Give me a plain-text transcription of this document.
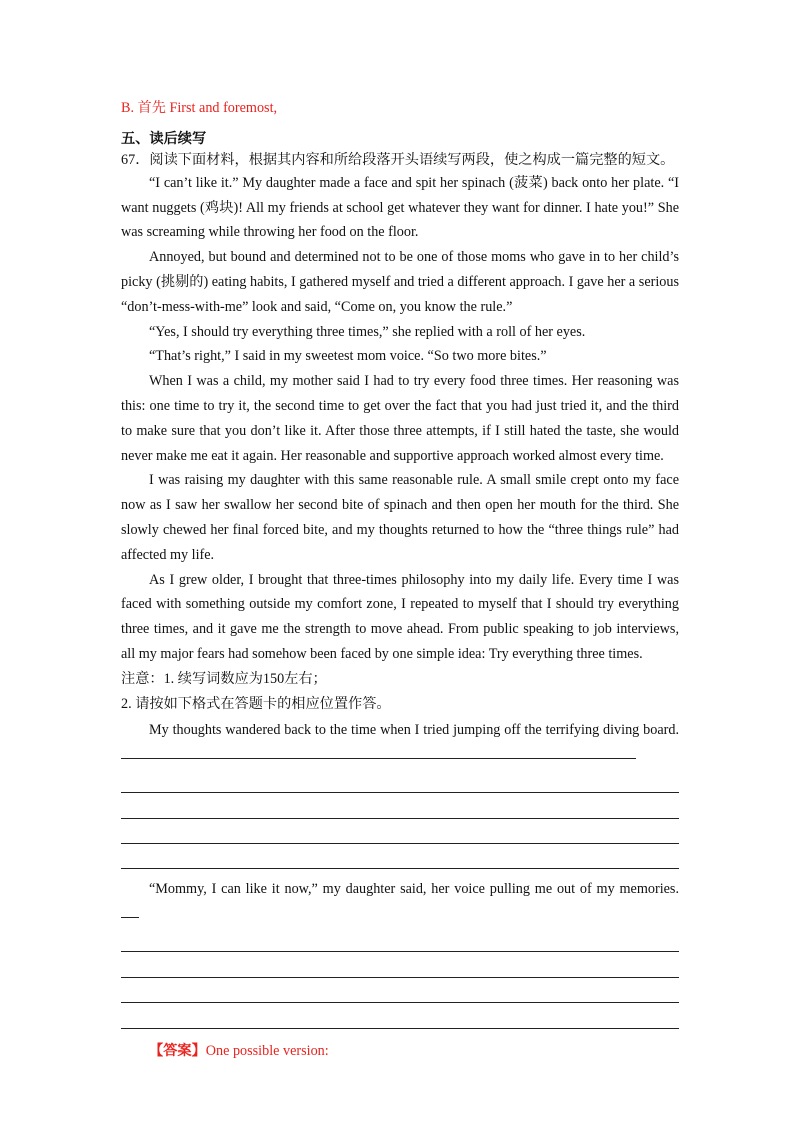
B. 首先 First and foremost,
五、读后续写
67．阅读下面材料，根据其内容和所给段落开头语续写两段，使之构成一篇完整的短文。

“I can’t like it.” My daughter made a face and spit her spinach (菠菜) back onto her plate. “I want nuggets (鸡块)! All my friends at school get whatever they want for dinner. I hate you!” She was screaming while throwing her food on the floor.

Annoyed, but bound and determined not to be one of those moms who gave in to her child’s picky (挑剔的) eating habits, I gathered myself and tried a different approach. I gave her a serious “don’t-mess-with-me” look and said, “Come on, you know the rule.”

“Yes, I should try everything three times,” she replied with a roll of her eyes.

“That’s right,” I said in my sweetest mom voice. “So two more bites.”

When I was a child, my mother said I had to try every food three times. Her reasoning was this: one time to try it, the second time to get over the fact that you had just tried it, and the third to make sure that you don’t like it. After those three attempts, if I still hated the taste, she would never make me eat it again. Her reasonable and supportive approach worked almost every time.

I was raising my daughter with this same reasonable rule. A small smile crept onto my face now as I saw her swallow her second bite of spinach and then open her mouth for the third. She slowly chewed her final forced bite, and my thoughts returned to how the “three things rule” had affected my life.

As I grew older, I brought that three-times philosophy into my daily life. Every time I was faced with something outside my comfort zone, I repeated to myself that I should try everything three times, and it gave me the strength to move ahead. From public speaking to job interviews, all my major fears had somehow been faced by one simple idea: Try everything three times.

注意：1. 续写词数应为150左右；
2. 请按如下格式在答题卡的相应位置作答。

My thoughts wandered back to the time when I tried jumping off the terrifying diving board.

“Mommy, I can like it now,” my daughter said, her voice pulling me out of my memories.

【答案】One possible version:
